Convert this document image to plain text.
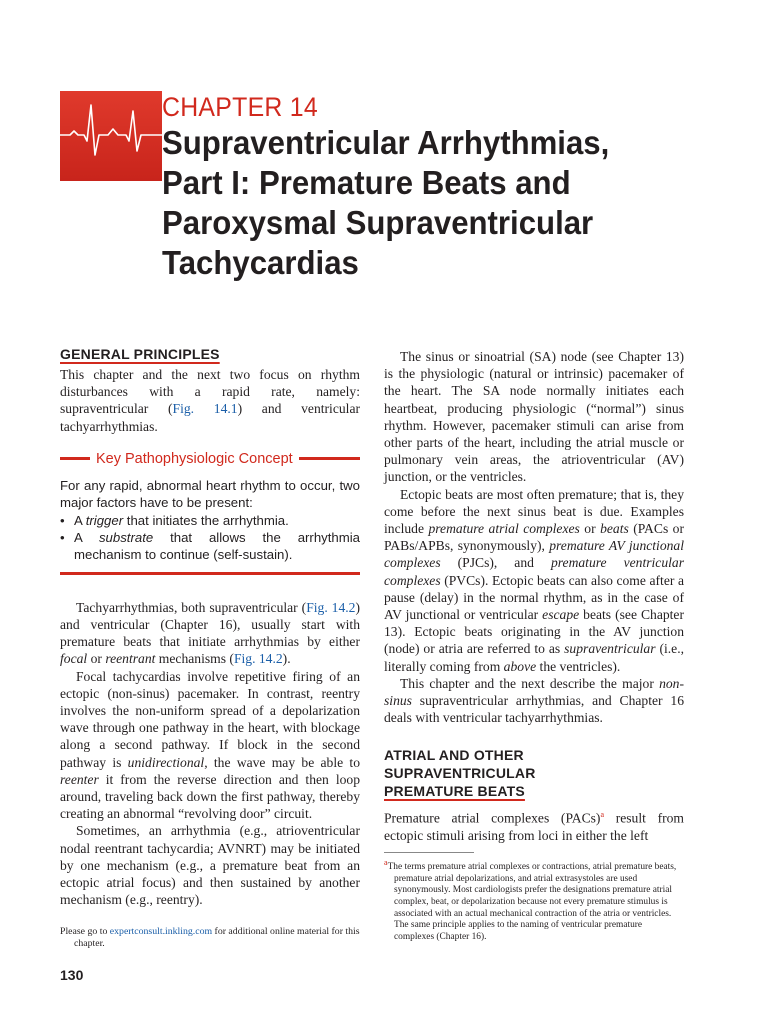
CHAPTER 14
Supraventricular Arrhythmias,
Part I: Premature Beats and
Paroxysmal Supraventricular
Tachycardias
GENERAL PRINCIPLES

This chapter and the next two focus on rhythm disturbances with a rapid rate, namely: supraventricular (Fig. 14.1) and ventricular tachyarrhythmias.

Key Pathophysiologic Concept
For any rapid, abnormal heart rhythm to occur, two major factors have to be present:
• A trigger that initiates the arrhythmia.
• A substrate that allows the arrhythmia mechanism to continue (self-sustain).

Tachyarrhythmias, both supraventricular (Fig. 14.2) and ventricular (Chapter 16), usually start with premature beats that initiate arrhythmias by either focal or reentrant mechanisms (Fig. 14.2).

Focal tachycardias involve repetitive firing of an ectopic (non-sinus) pacemaker. In contrast, reentry involves the non-uniform spread of a depolarization wave through one pathway in the heart, with blockage along a second pathway. If block in the second pathway is unidirectional, the wave may be able to reenter it from the reverse direction and then loop around, traveling back down the first pathway, thereby creating an abnormal “revolving door” circuit.

Sometimes, an arrhythmia (e.g., atrioventricular nodal reentrant tachycardia; AVNRT) may be initiated by one mechanism (e.g., a premature beat from an ectopic atrial focus) and then sustained by another mechanism (e.g., reentry).

Please go to expertconsult.inkling.com for additional online material for this chapter.

130

The sinus or sinoatrial (SA) node (see Chapter 13) is the physiologic (natural or intrinsic) pacemaker of the heart. The SA node normally initiates each heartbeat, producing physiologic (“normal”) sinus rhythm. However, pacemaker stimuli can arise from other parts of the heart, including the atrial muscle or pulmonary vein areas, the atrioventricular (AV) junction, or the ventricles.

Ectopic beats are most often premature; that is, they come before the next sinus beat is due. Examples include premature atrial complexes or beats (PACs or PABs/APBs, synonymously), premature AV junctional complexes (PJCs), and premature ventricular complexes (PVCs). Ectopic beats can also come after a pause (delay) in the normal rhythm, as in the case of AV junctional or ventricular escape beats (see Chapter 13). Ectopic beats originating in the AV junction (node) or atria are referred to as supraventricular (i.e., literally coming from above the ventricles).

This chapter and the next describe the major non-sinus supraventricular arrhythmias, and Chapter 16 deals with ventricular tachyarrhythmias.

ATRIAL AND OTHER
SUPRAVENTRICULAR
PREMATURE BEATS

Premature atrial complexes (PACs)$^a$ result from ectopic stimuli arising from loci in either the left

$^a$The terms premature atrial complexes or contractions, atrial premature beats, premature atrial depolarizations, and atrial extrasystoles are used synonymously. Most cardiologists prefer the designations premature atrial complex, beat, or depolarization because not every premature stimulus is associated with an actual mechanical contraction of the atria or ventricles. The same principle applies to the naming of ventricular premature complexes (Chapter 16).
